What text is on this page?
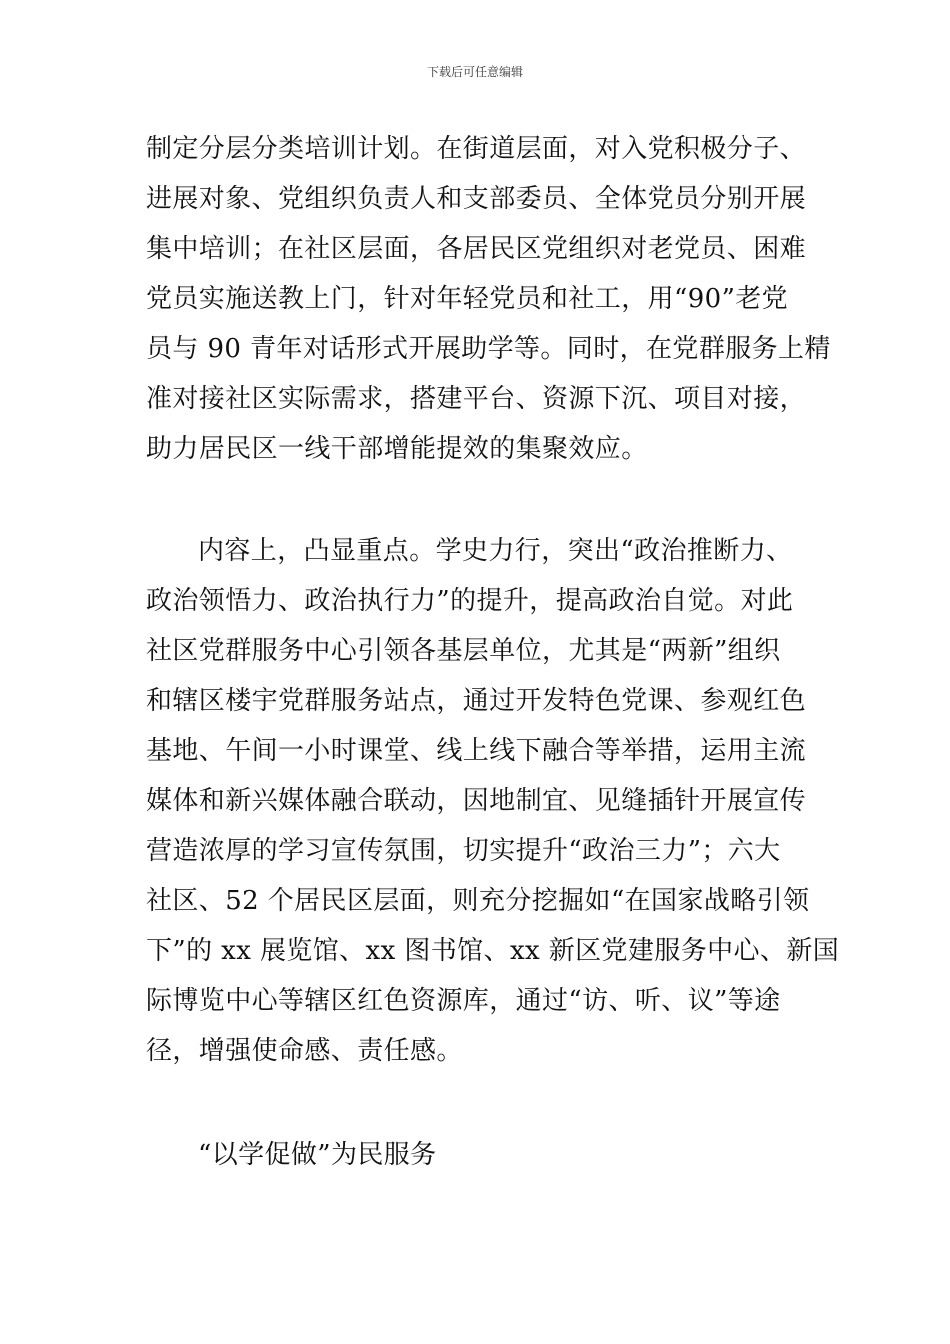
下载后可任意编辑
制定分层分类培训计划。在街道层面，对入党积极分子、
进展对象、党组织负责人和支部委员、全体党员分别开展
集中培训；在社区层面，各居民区党组织对老党员、困难
党员实施送教上门，针对年轻党员和社工，用“90”老党
员与 90 青年对话形式开展助学等。同时，在党群服务上精
准对接社区实际需求，搭建平台、资源下沉、项目对接，
助力居民区一线干部增能提效的集聚效应。
内容上，凸显重点。学史力行，突出“政治推断力、
政治领悟力、政治执行力”的提升，提高政治自觉。对此
社区党群服务中心引领各基层单位，尤其是“两新”组织
和辖区楼宇党群服务站点，通过开发特色党课、参观红色
基地、午间一小时课堂、线上线下融合等举措，运用主流
媒体和新兴媒体融合联动，因地制宜、见缝插针开展宣传
营造浓厚的学习宣传氛围，切实提升“政治三力”；六大
社区、52 个居民区层面，则充分挖掘如“在国家战略引领
下”的 xx 展览馆、xx 图书馆、xx 新区党建服务中心、新国
际博览中心等辖区红色资源库，通过“访、听、议”等途
径，增强使命感、责任感。
“以学促做”为民服务
